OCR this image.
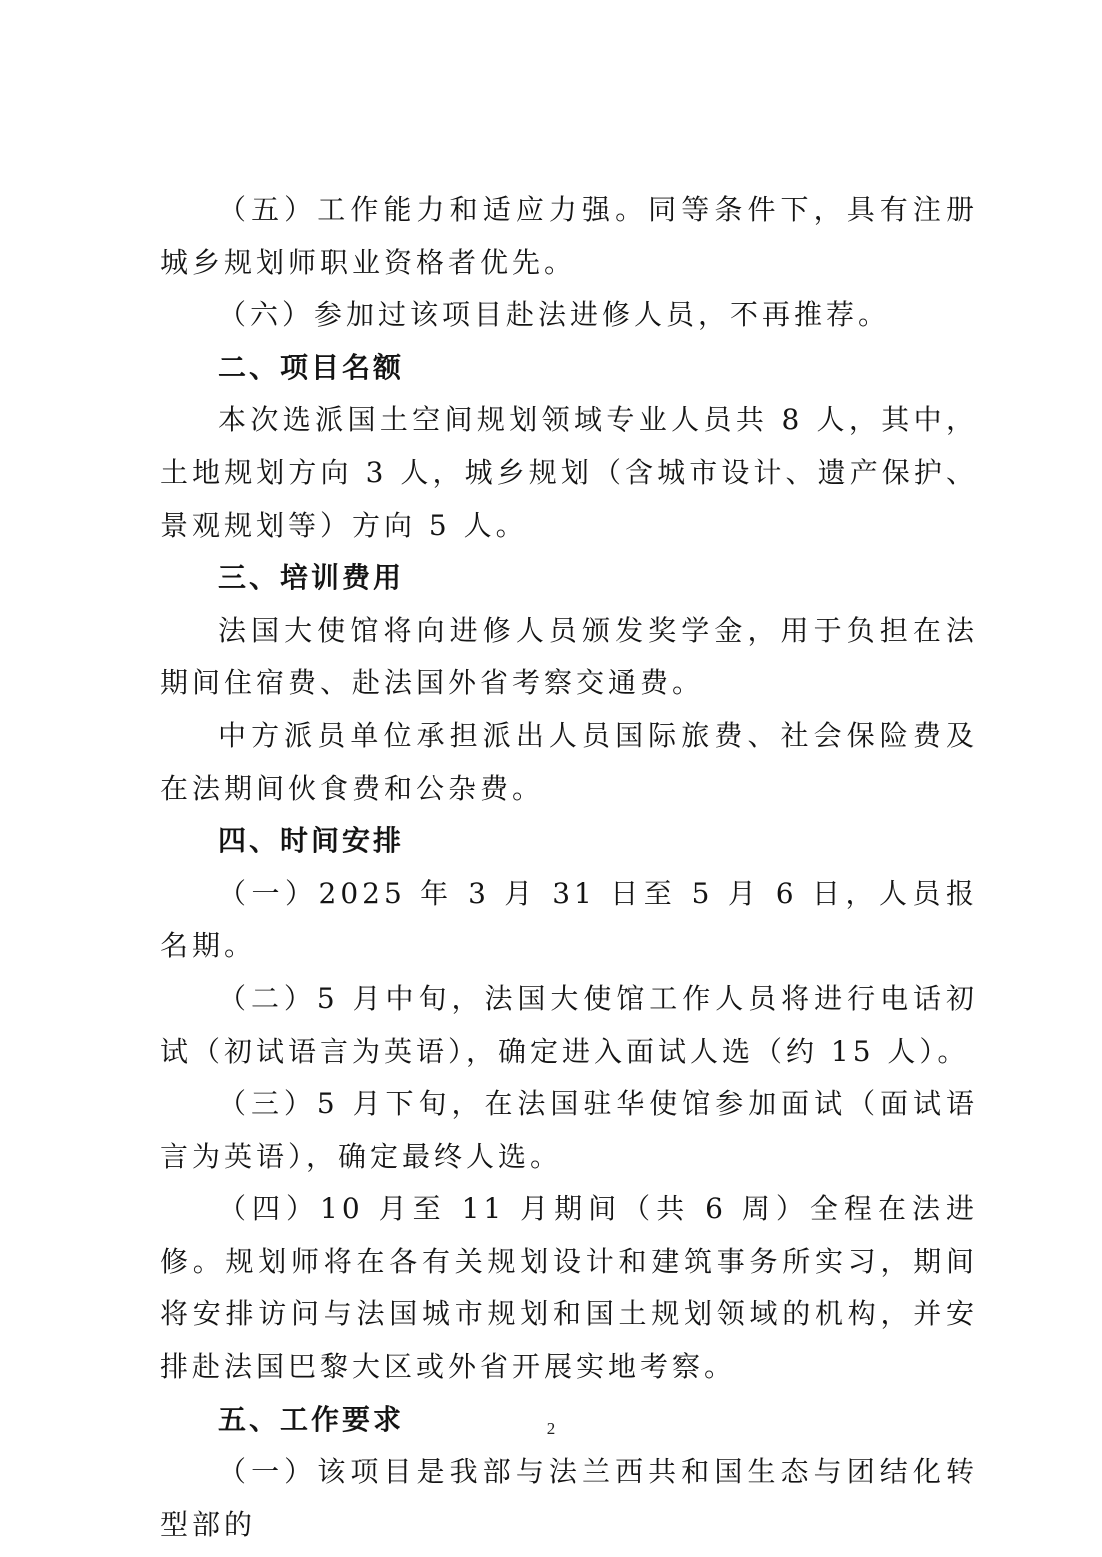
（五）工作能力和适应力强。同等条件下，具有注册城乡规划师职业资格者优先。

（六）参加过该项目赴法进修人员，不再推荐。

二、项目名额

本次选派国土空间规划领域专业人员共 8 人，其中，土地规划方向 3 人，城乡规划（含城市设计、遗产保护、景观规划等）方向 5 人。

三、培训费用

法国大使馆将向进修人员颁发奖学金，用于负担在法期间住宿费、赴法国外省考察交通费。

中方派员单位承担派出人员国际旅费、社会保险费及在法期间伙食费和公杂费。

四、时间安排

（一）2025 年 3 月 31 日至 5 月 6 日，人员报名期。

（二）5 月中旬，法国大使馆工作人员将进行电话初试（初试语言为英语），确定进入面试人选（约 15 人）。

（三）5 月下旬，在法国驻华使馆参加面试（面试语言为英语），确定最终人选。

（四）10 月至 11 月期间（共 6 周）全程在法进修。规划师将在各有关规划设计和建筑事务所实习，期间将安排访问与法国城市规划和国土规划领域的机构，并安排赴法国巴黎大区或外省开展实地考察。

五、工作要求

（一）该项目是我部与法兰西共和国生态与团结化转型部的

2
